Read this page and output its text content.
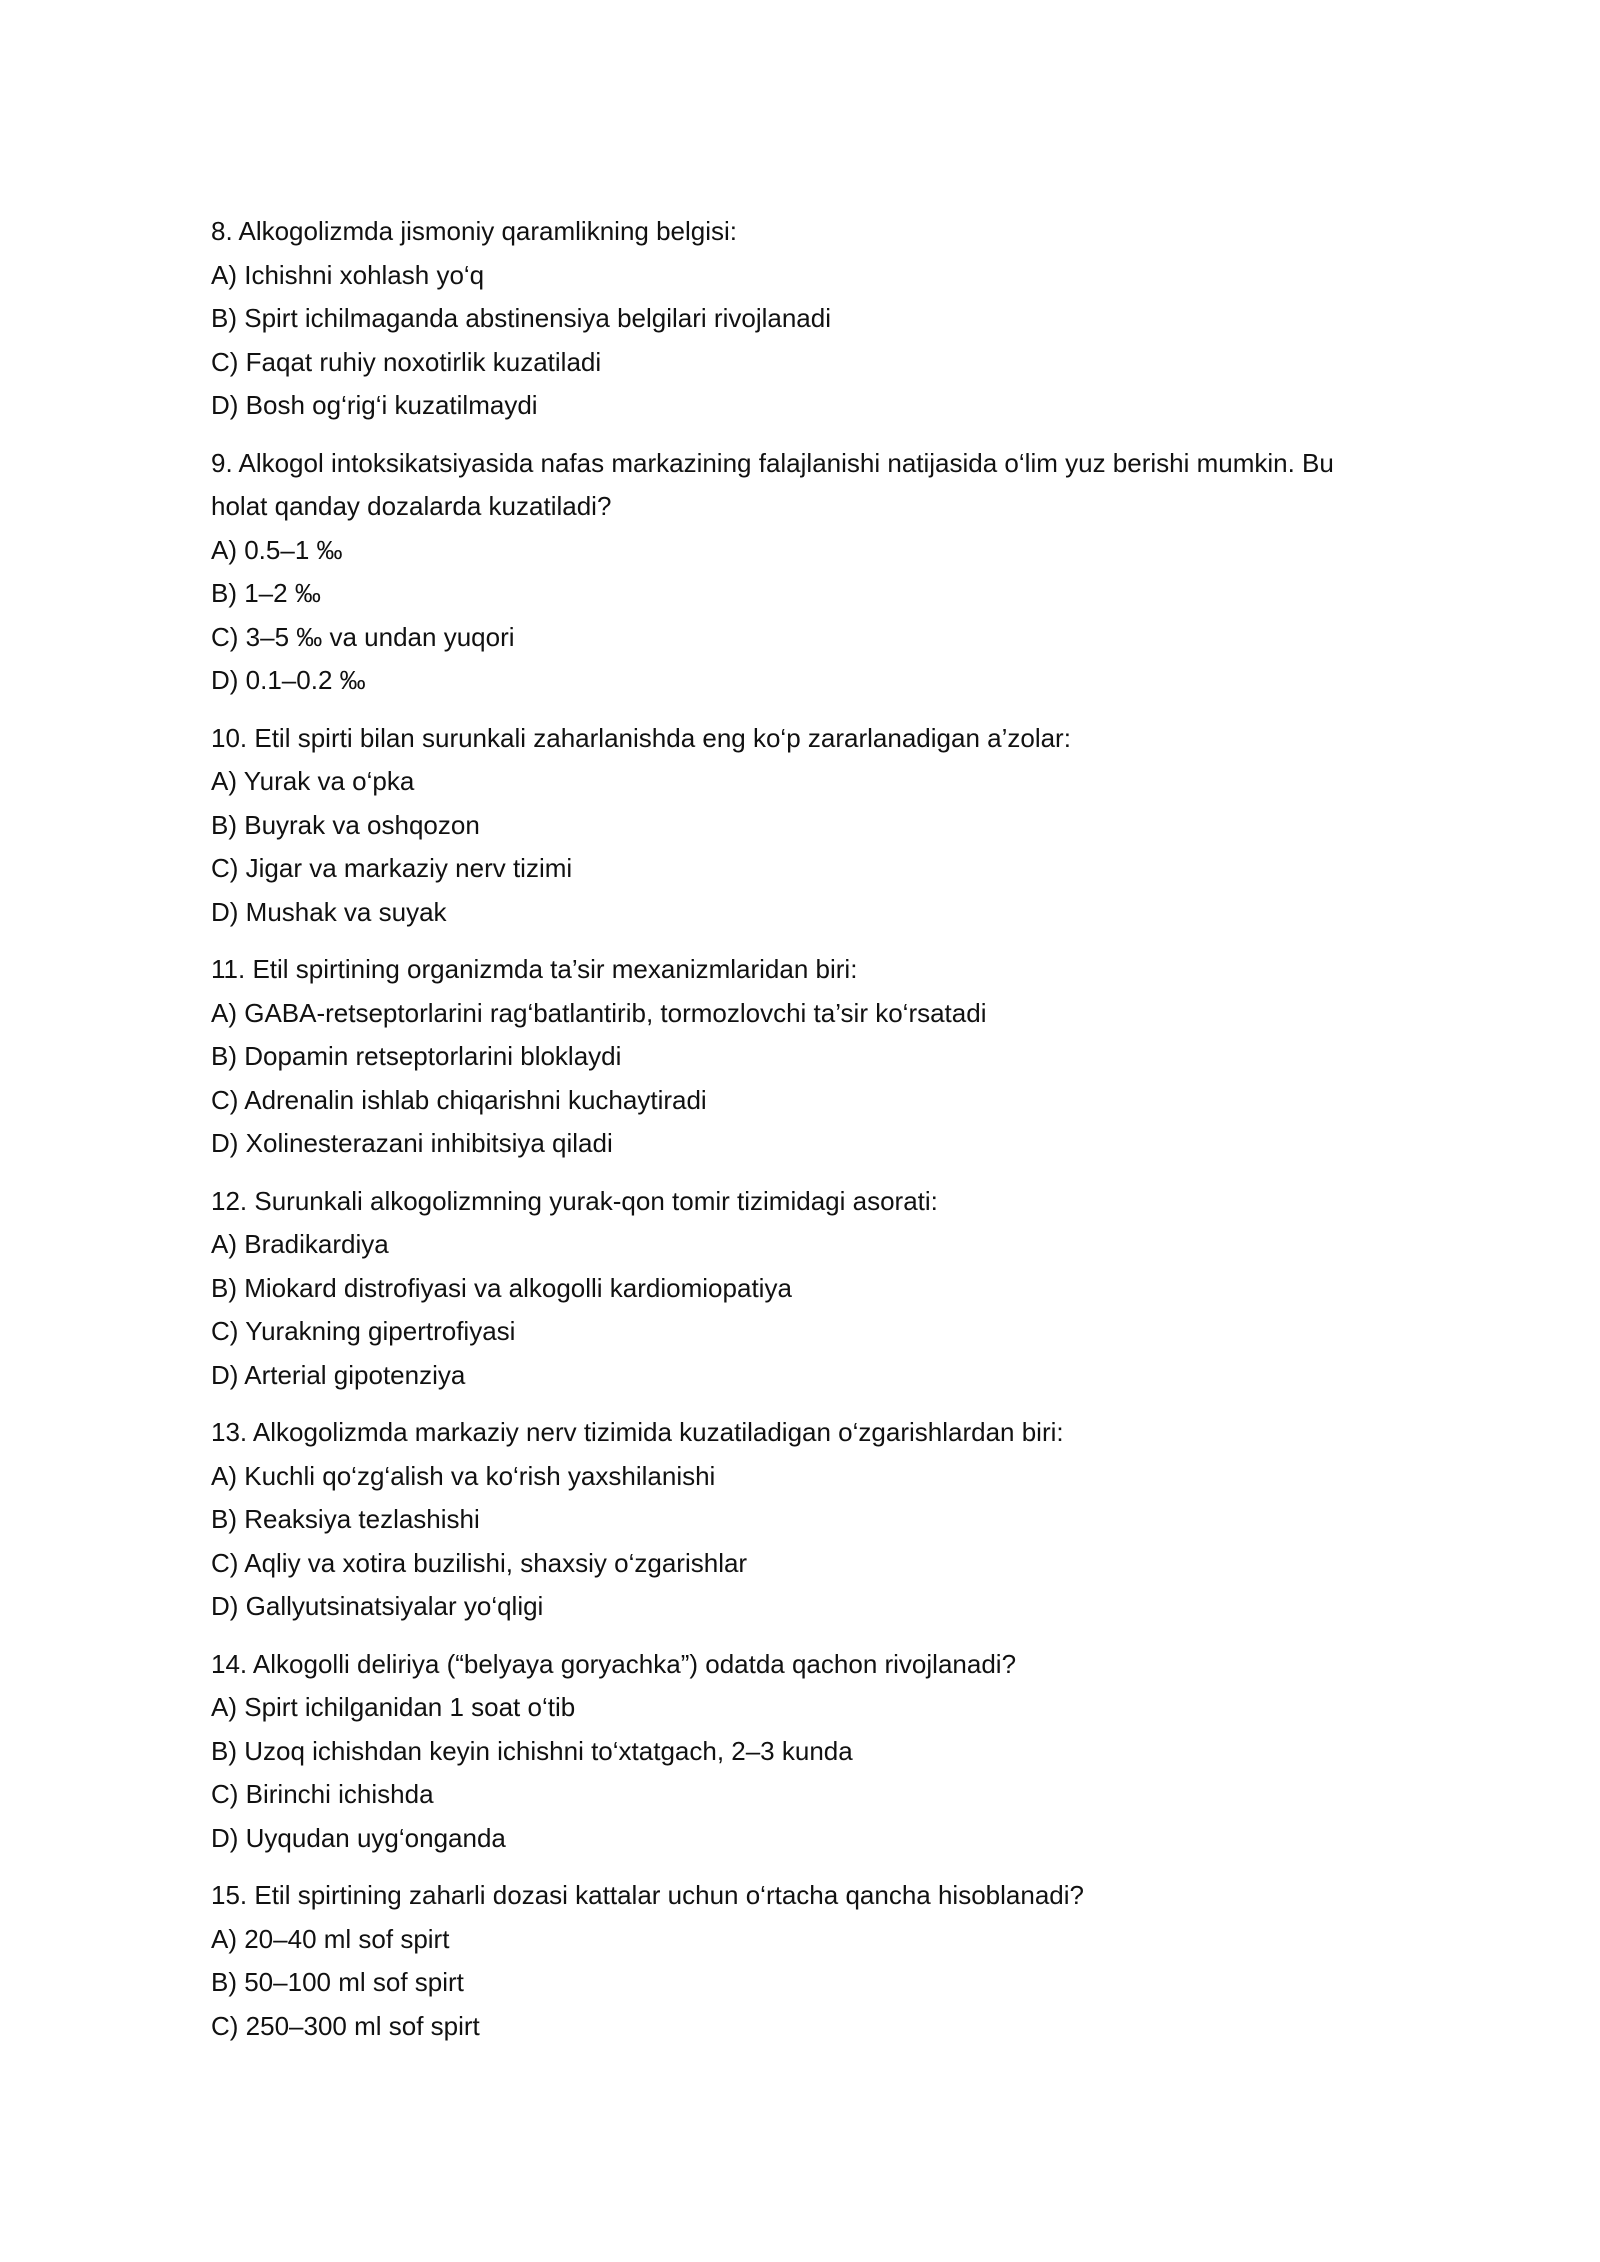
8. Alkogolizmda jismoniy qaramlikning belgisi:

A) Ichishni xohlash yo‘q
B) Spirt ichilmaganda abstinensiya belgilari rivojlanadi
C) Faqat ruhiy noxotirlik kuzatiladi
D) Bosh og‘rig‘i kuzatilmaydi

9. Alkogol intoksikatsiyasida nafas markazining falajlanishi natijasida o‘lim yuz berishi mumkin. Bu holat qanday dozalarda kuzatiladi?

A) 0.5–1 ‰
B) 1–2 ‰
C) 3–5 ‰ va undan yuqori
D) 0.1–0.2 ‰

10. Etil spirti bilan surunkali zaharlanishda eng ko‘p zararlanadigan a’zolar:

A) Yurak va o‘pka
B) Buyrak va oshqozon
C) Jigar va markaziy nerv tizimi
D) Mushak va suyak

11. Etil spirtining organizmda ta’sir mexanizmlaridan biri:

A) GABA-retseptorlarini rag‘batlantirib, tormozlovchi ta’sir ko‘rsatadi
B) Dopamin retseptorlarini bloklaydi
C) Adrenalin ishlab chiqarishni kuchaytiradi
D) Xolinesterazani inhibitsiya qiladi

12. Surunkali alkogolizmning yurak-qon tomir tizimidagi asorati:

A) Bradikardiya
B) Miokard distrofiyasi va alkogolli kardiomiopatiya
C) Yurakning gipertrofiyasi
D) Arterial gipotenziya

13. Alkogolizmda markaziy nerv tizimida kuzatiladigan o‘zgarishlardan biri:

A) Kuchli qo‘zg‘alish va ko‘rish yaxshilanishi
B) Reaksiya tezlashishi
C) Aqliy va xotira buzilishi, shaxsiy o‘zgarishlar
D) Gallyutsinatsiyalar yo‘qligi

14. Alkogolli deliriya (“belyaya goryachka”) odatda qachon rivojlanadi?

A) Spirt ichilganidan 1 soat o‘tib
B) Uzoq ichishdan keyin ichishni to‘xtatgach, 2–3 kunda
C) Birinchi ichishda
D) Uyqudan uyg‘onganda

15. Etil spirtining zaharli dozasi kattalar uchun o‘rtacha qancha hisoblanadi?

A) 20–40 ml sof spirt
B) 50–100 ml sof spirt
C) 250–300 ml sof spirt
